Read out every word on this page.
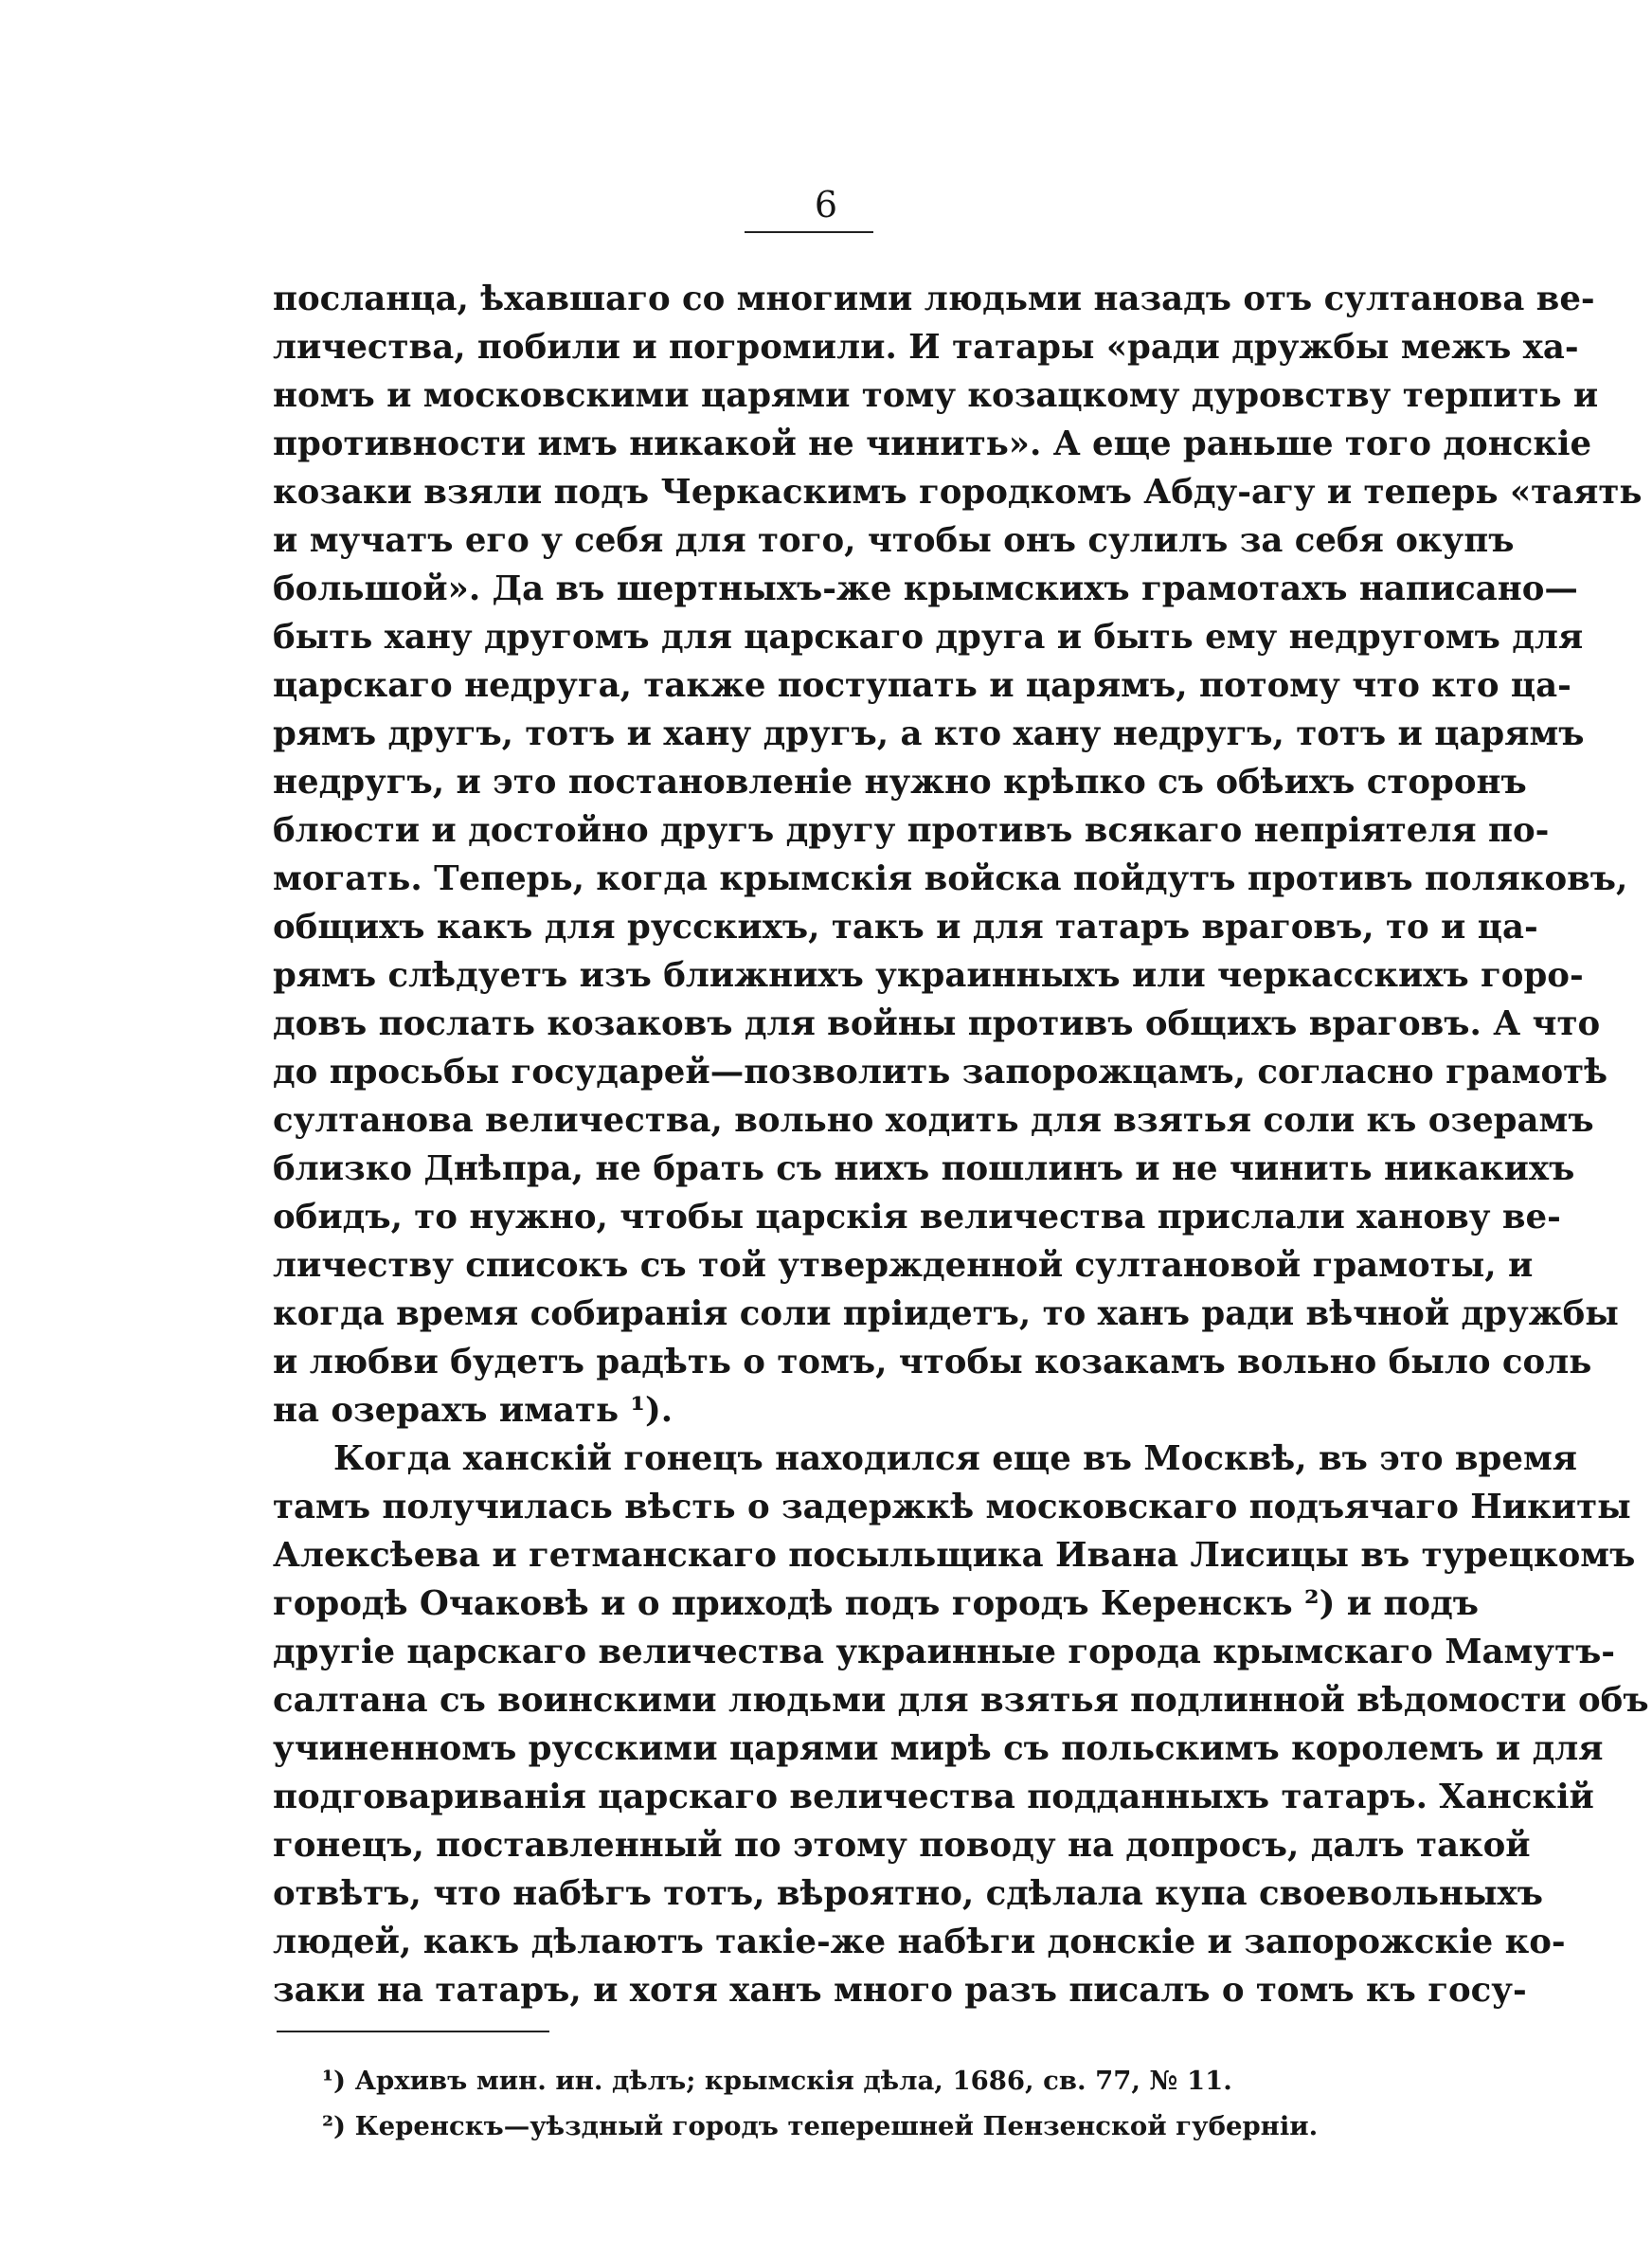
6
посланца, ѣхавшаго со многими людьми назадъ отъ султанова ве-
личества, побили и погромили. И татары «ради дружбы межъ ха-
номъ и московскими царями тому козацкому дуровству терпить и
противности имъ никакой не чинить». А еще раньше того донскіе
козаки взяли подъ Черкаскимъ городкомъ Абду-агу и теперь «таять
и мучатъ его у себя для того, чтобы онъ сулилъ за себя окупъ
большой». Да въ шертныхъ-же крымскихъ грамотахъ написано—
быть хану другомъ для царскаго друга и быть ему недругомъ для
царскаго недруга, также поступать и царямъ, потому что кто ца-
рямъ другъ, тотъ и хану другъ, а кто хану недругъ, тотъ и царямъ
недругъ, и это постановленіе нужно крѣпко съ обѣихъ сторонъ
блюсти и достойно другъ другу противъ всякаго непріятеля по-
могать. Теперь, когда крымскія войска пойдутъ противъ поляковъ,
общихъ какъ для русскихъ, такъ и для татаръ враговъ, то и ца-
рямъ слѣдуетъ изъ ближнихъ украинныхъ или черкасскихъ горо-
довъ послать козаковъ для войны противъ общихъ враговъ. А что
до просьбы государей—позволить запорожцамъ, согласно грамотѣ
султанова величества, вольно ходить для взятья соли къ озерамъ
близко Днѣпра, не брать съ нихъ пошлинъ и не чинить никакихъ
обидъ, то нужно, чтобы царскія величества прислали ханову ве-
личеству списокъ съ той утвержденной султановой грамоты, и
когда время собиранія соли пріидетъ, то ханъ ради вѣчной дружбы
и любви будетъ радѣть о томъ, чтобы козакамъ вольно было соль
на озерахъ имать ¹).
Когда ханскій гонецъ находился еще въ Москвѣ, въ это время
тамъ получилась вѣсть о задержкѣ московскаго подъячаго Никиты
Алексѣева и гетманскаго посыльщика Ивана Лисицы въ турецкомъ
городѣ Очаковѣ и о приходѣ подъ городъ Керенскъ ²) и подъ
другіе царскаго величества украинные города крымскаго Мамутъ-
салтана съ воинскими людьми для взятья подлинной вѣдомости объ
учиненномъ русскими царями мирѣ съ польскимъ королемъ и для
подговариванія царскаго величества подданныхъ татаръ. Ханскій
гонецъ, поставленный по этому поводу на допросъ, далъ такой
отвѣтъ, что набѣгъ тотъ, вѣроятно, сдѣлала купа своевольныхъ
людей, какъ дѣлаютъ такіе-же набѣги донскіе и запорожскіе ко-
заки на татаръ, и хотя ханъ много разъ писалъ о томъ къ госу-
¹) Архивъ мин. ин. дѣлъ; крымскія дѣла, 1686, св. 77, № 11.
²) Керенскъ—уѣздный городъ теперешней Пензенской губерніи.
